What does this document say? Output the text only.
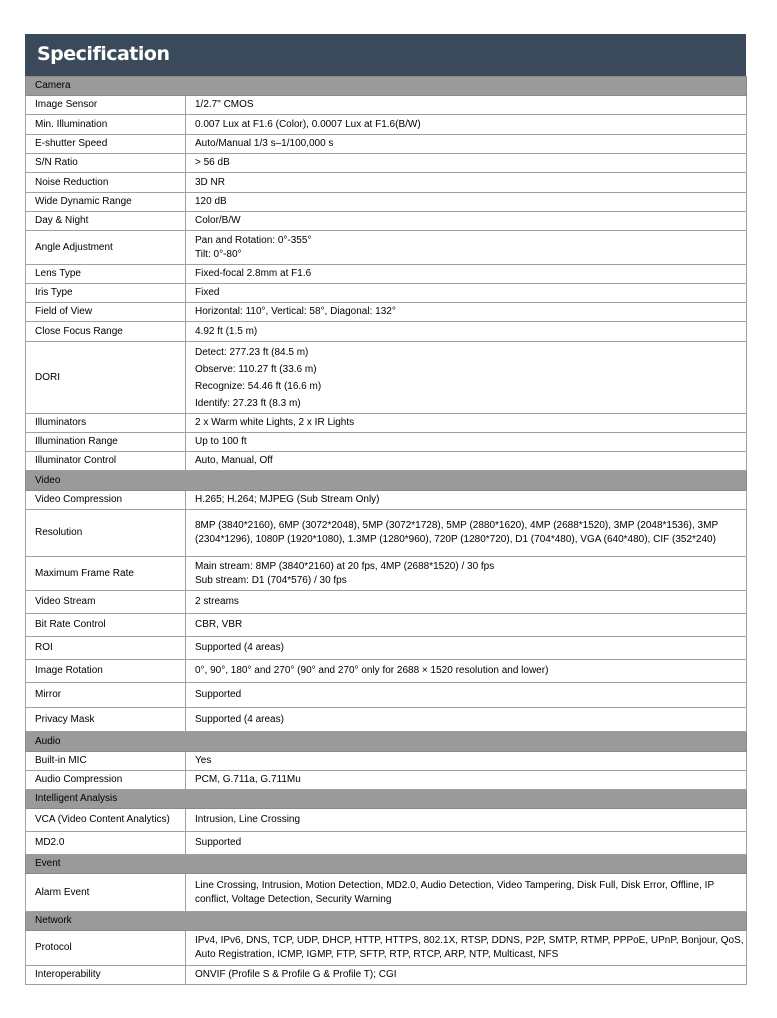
Specification
Camera	
Image Sensor	1/2.7" CMOS

Min. Illumination	0.007 Lux at F1.6 (Color), 0.0007 Lux at F1.6(B/W)

E-shutter Speed	Auto/Manual 1/3 s–1/100,000 s

S/N Ratio	> 56 dB

Noise Reduction	3D NR

Wide Dynamic Range	120 dB

Day & Night	Color/B/W

Angle Adjustment	Pan and Rotation: 0°-355°
Tilt: 0°-80°

Lens Type	Fixed-focal 2.8mm at F1.6

Iris Type	Fixed

Field of View	Horizontal: 110°, Vertical: 58°, Diagonal: 132°

Close Focus Range	4.92 ft (1.5 m)

DORI	Detect: 277.23 ft (84.5 m)
Observe: 110.27 ft (33.6 m)
Recognize: 54.46 ft (16.6 m)
Identify: 27.23 ft (8.3 m)

Illuminators	2 x Warm white Lights, 2 x IR Lights

Illumination Range	Up to 100 ft

Illuminator Control	Auto, Manual, Off

Video	
Video Compression	H.265; H.264; MJPEG (Sub Stream Only)

Resolution	8MP (3840*2160), 6MP (3072*2048), 5MP (3072*1728), 5MP (2880*1620), 4MP (2688*1520), 3MP (2048*1536), 3MP (2304*1296), 1080P (1920*1080), 1.3MP (1280*960), 720P (1280*720), D1 (704*480), VGA (640*480), CIF (352*240)

Maximum Frame Rate	Main stream: 8MP (3840*2160) at 20 fps, 4MP (2688*1520) / 30 fps
Sub stream: D1 (704*576) / 30 fps

Video Stream	2 streams

Bit Rate Control	CBR, VBR

ROI	Supported (4 areas)

Image Rotation	0°, 90°, 180° and 270° (90° and 270° only for 2688 × 1520 resolution and lower)

Mirror	Supported

Privacy Mask	Supported (4 areas)

Audio	
Built-in MIC	Yes

Audio Compression	PCM, G.711a, G.711Mu

Intelligent Analysis	
VCA (Video Content Analytics)	Intrusion, Line Crossing

MD2.0	Supported

Event	
Alarm Event	Line Crossing, Intrusion, Motion Detection, MD2.0, Audio Detection, Video Tampering, Disk Full, Disk Error, Offline, IP conflict, Voltage Detection, Security Warning

Network	
Protocol	IPv4, IPv6, DNS, TCP, UDP, DHCP, HTTP, HTTPS, 802.1X, RTSP, DDNS, P2P, SMTP, RTMP, PPPoE, UPnP, Bonjour, QoS, Auto Registration, ICMP, IGMP, FTP, SFTP, RTP, RTCP, ARP, NTP, Multicast, NFS

Interoperability	ONVIF (Profile S & Profile G & Profile T); CGI
